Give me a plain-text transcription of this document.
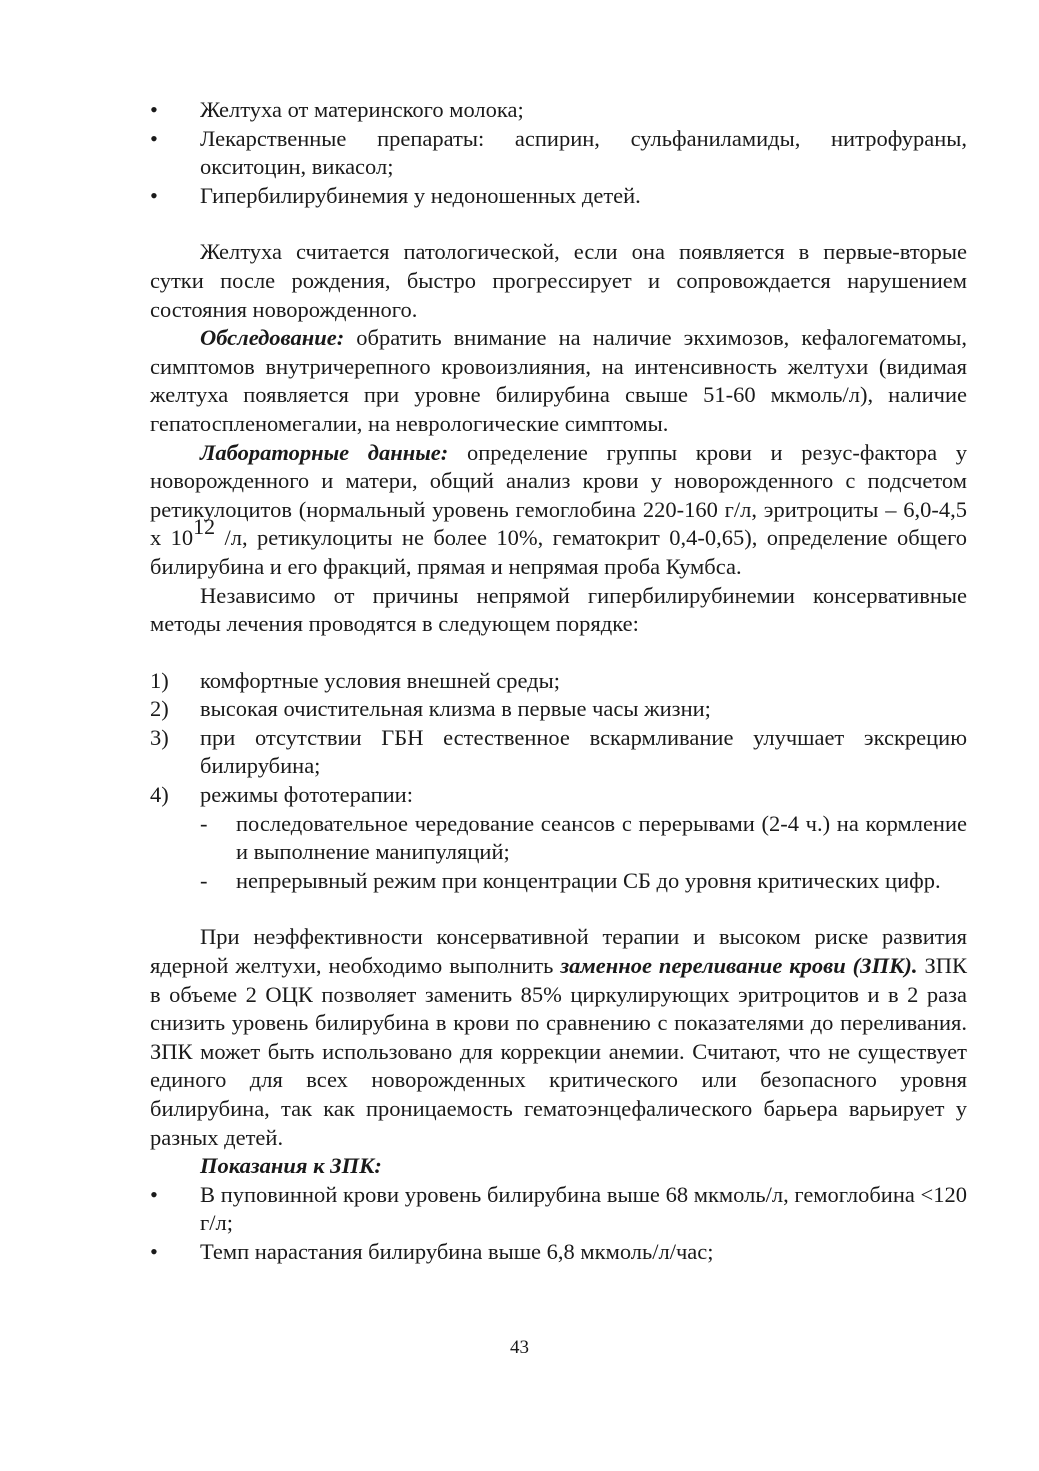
•	Желтуха от материнского молока;
•	Лекарственные препараты: аспирин, сульфаниламиды, нитрофураны, окситоцин, викасол;
•	Гипербилирубинемия у недоношенных детей.

Желтуха считается патологической, если она появляется в первые-вторые сутки после рождения, быстро прогрессирует и сопровождается нарушением состояния новорожденного.

Обследование: обратить внимание на наличие экхимозов, кефалогематомы, симптомов внутричерепного кровоизлияния, на интенсивность желтухи (видимая желтуха появляется при уровне билирубина свыше 51-60 мкмоль/л), наличие гепатоспленомегалии, на неврологические симптомы.

Лабораторные данные: определение группы крови и резус-фактора у новорожденного и матери, общий анализ крови у новорожденного с подсчетом ретикулоцитов (нормальный уровень гемоглобина 220-160 г/л, эритроциты – 6,0-4,5 х 1012 /л, ретикулоциты не более 10%, гематокрит 0,4-0,65), определение общего билирубина и его фракций, прямая и непрямая проба Кумбса.

Независимо от причины непрямой гипербилирубинемии консервативные методы лечения проводятся в следующем порядке:

1)	комфортные условия внешней среды;
2)	высокая очистительная клизма в первые часы жизни;
3)	при отсутствии ГБН естественное вскармливание улучшает экскрецию билирубина;
4)	режимы фототерапии:
-	последовательное чередование сеансов с перерывами (2-4 ч.) на кормление и выполнение манипуляций;
-	непрерывный режим при концентрации СБ до уровня критических цифр.

При неэффективности консервативной терапии и высоком риске развития ядерной желтухи, необходимо выполнить заменное переливание крови (ЗПК). ЗПК в объеме 2 ОЦК позволяет заменить 85% циркулирующих эритроцитов и в 2 раза снизить уровень билирубина в крови по сравнению с показателями до переливания. ЗПК может быть использовано для коррекции анемии. Считают, что не существует единого для всех новорожденных критического или безопасного уровня билирубина, так как проницаемость гематоэнцефалического барьера варьирует у разных детей.

Показания к ЗПК:

•	В пуповинной крови уровень билирубина выше 68 мкмоль/л, гемоглобина <120 г/л;
•	Темп нарастания билирубина выше 6,8 мкмоль/л/час;
43
